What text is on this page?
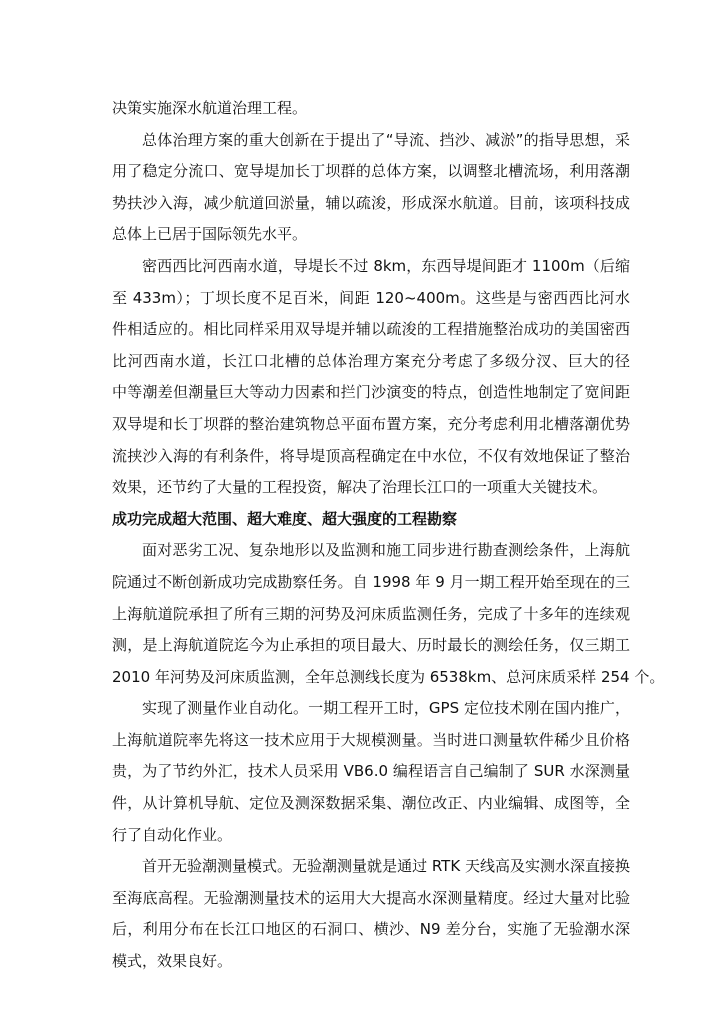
决策实施深水航道治理工程。
总体治理方案的重大创新在于提出了“导流、挡沙、减淤”的指导思想，采
用了稳定分流口、宽导堤加长丁坝群的总体方案，以调整北槽流场，利用落潮
势扶沙入海，减少航道回淤量，辅以疏浚，形成深水航道。目前，该项科技成
总体上已居于国际领先水平。
密西西比河西南水道，导堤长不过 8km，东西导堤间距才 1100m（后缩
至 433m）；丁坝长度不足百米，间距 120~400m。这些是与密西西比河水
件相适应的。相比同样采用双导堤并辅以疏浚的工程措施整治成功的美国密西
比河西南水道，长江口北槽的总体治理方案充分考虑了多级分汊、巨大的径
中等潮差但潮量巨大等动力因素和拦门沙演变的特点，创造性地制定了宽间距
双导堤和长丁坝群的整治建筑物总平面布置方案，充分考虑利用北槽落潮优势
流挟沙入海的有利条件，将导堤顶高程确定在中水位，不仅有效地保证了整治
效果，还节约了大量的工程投资，解决了治理长江口的一项重大关键技术。
成功完成超大范围、超大难度、超大强度的工程勘察
面对恶劣工况、复杂地形以及监测和施工同步进行勘查测绘条件，上海航
院通过不断创新成功完成勘察任务。自 1998 年 9 月一期工程开始至现在的三
上海航道院承担了所有三期的河势及河床质监测任务，完成了十多年的连续观
测，是上海航道院迄今为止承担的项目最大、历时最长的测绘任务，仅三期工
2010 年河势及河床质监测，全年总测线长度为 6538km、总河床质采样 254 个。
实现了测量作业自动化。一期工程开工时，GPS 定位技术刚在国内推广，
上海航道院率先将这一技术应用于大规模测量。当时进口测量软件稀少且价格
贵，为了节约外汇，技术人员采用 VB6.0 编程语言自己编制了 SUR 水深测量
件，从计算机导航、定位及测深数据采集、潮位改正、内业编辑、成图等，全
行了自动化作业。
首开无验潮测量模式。无验潮测量就是通过 RTK 天线高及实测水深直接换
至海底高程。无验潮测量技术的运用大大提高水深测量精度。经过大量对比验
后，利用分布在长江口地区的石洞口、横沙、N9 差分台，实施了无验潮水深
模式，效果良好。
